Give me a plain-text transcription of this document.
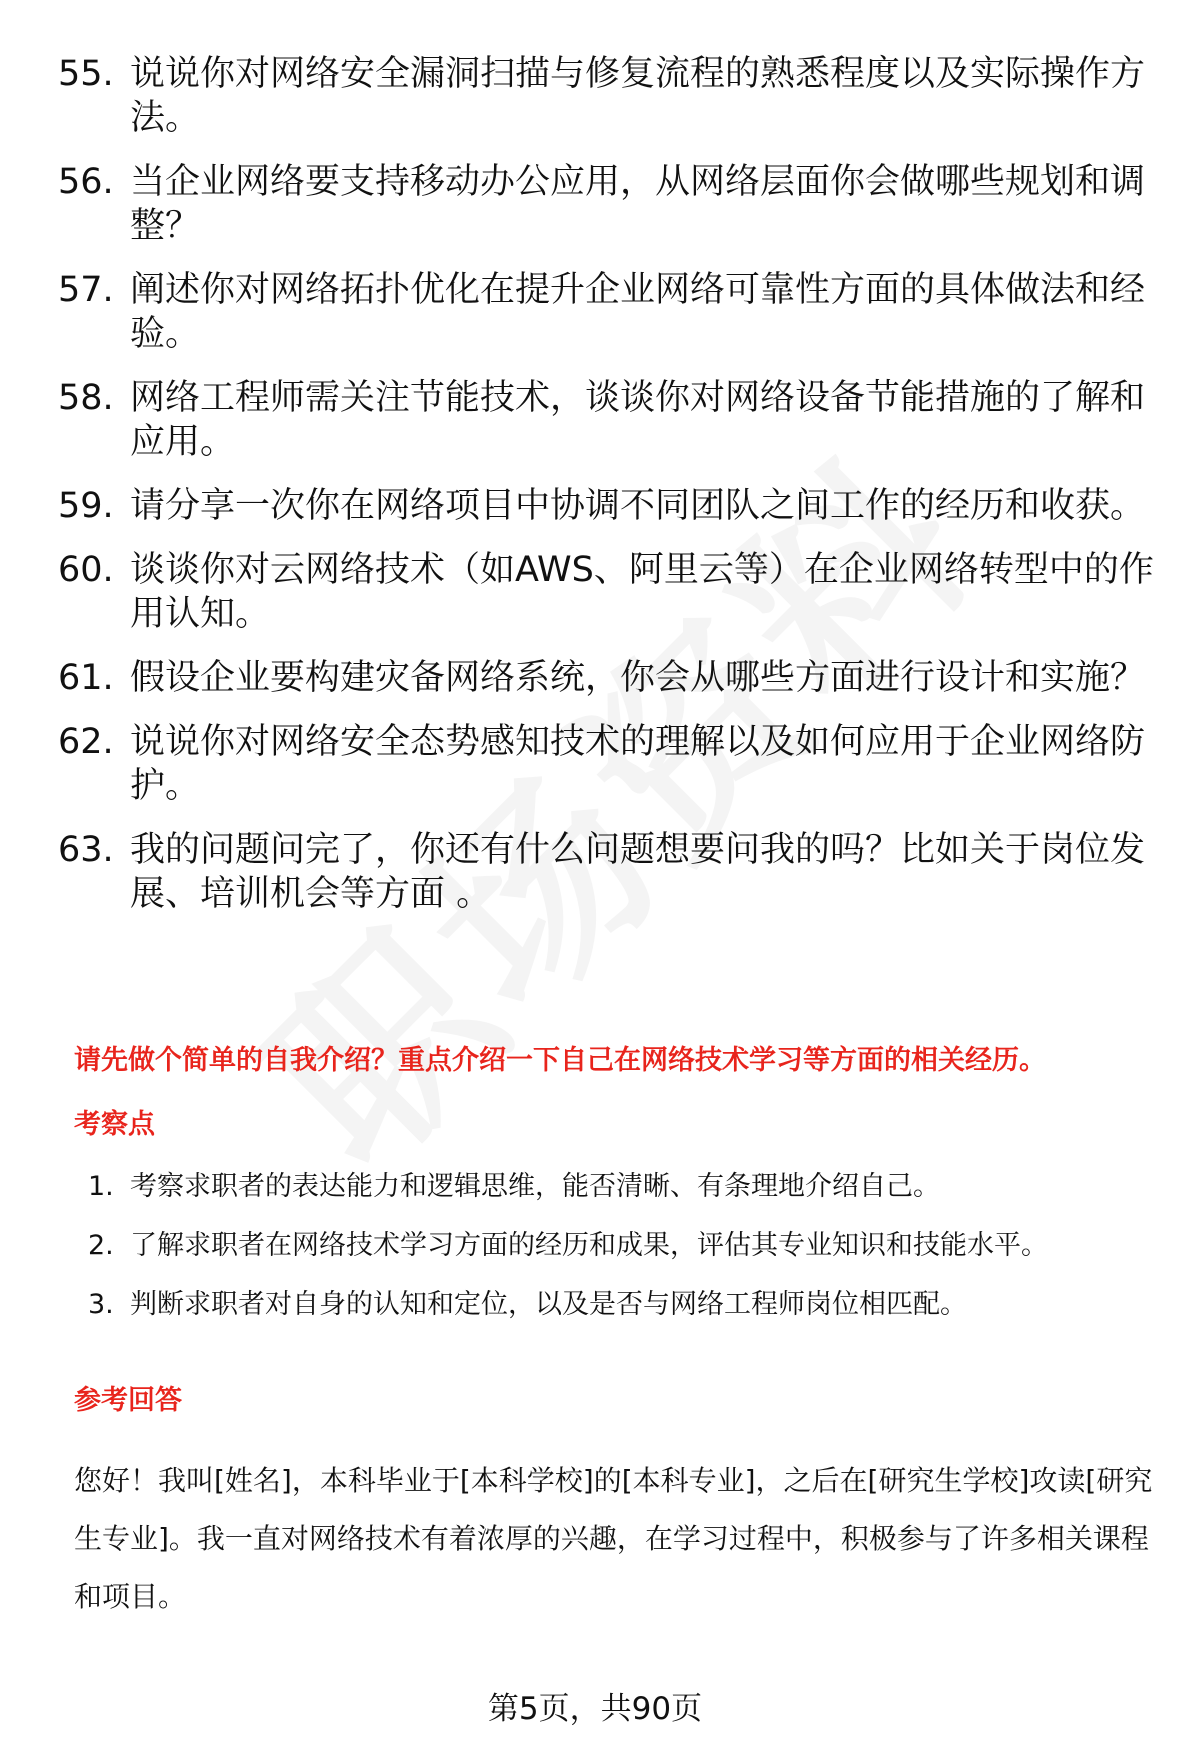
55. 说说你对网络安全漏洞扫描与修复流程的熟悉程度以及实际操作方法。
56. 当企业网络要支持移动办公应用，从网络层面你会做哪些规划和调整？
57. 阐述你对网络拓扑优化在提升企业网络可靠性方面的具体做法和经验。
58. 网络工程师需关注节能技术，谈谈你对网络设备节能措施的了解和应用。
59. 请分享一次你在网络项目中协调不同团队之间工作的经历和收获。
60. 谈谈你对云网络技术（如AWS、阿里云等）在企业网络转型中的作用认知。
61. 假设企业要构建灾备网络系统，你会从哪些方面进行设计和实施？
62. 说说你对网络安全态势感知技术的理解以及如何应用于企业网络防护。
63. 我的问题问完了，你还有什么问题想要问我的吗？比如关于岗位发展、培训机会等方面 。
请先做个简单的自我介绍？重点介绍一下自己在网络技术学习等方面的相关经历。
考察点
1. 考察求职者的表达能力和逻辑思维，能否清晰、有条理地介绍自己。
2. 了解求职者在网络技术学习方面的经历和成果，评估其专业知识和技能水平。
3. 判断求职者对自身的认知和定位，以及是否与网络工程师岗位相匹配。
参考回答
您好！我叫[姓名]，本科毕业于[本科学校]的[本科专业]，之后在[研究生学校]攻读[研究生专业]。我一直对网络技术有着浓厚的兴趣，在学习过程中，积极参与了许多相关课程和项目。
第5页，共90页
